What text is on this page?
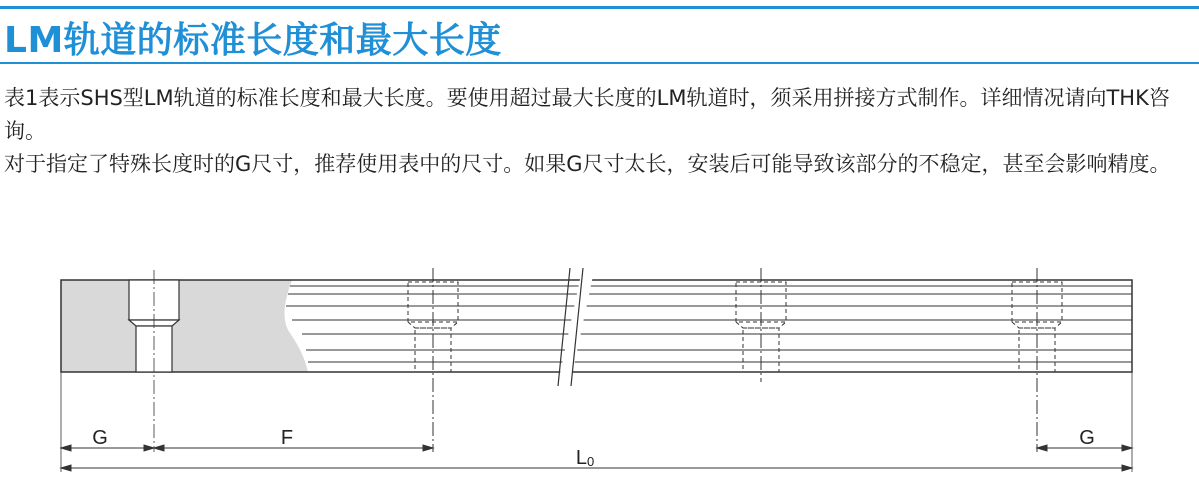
LM轨道的标准长度和最大长度

表1表示SHS型LM轨道的标准长度和最大长度。要使用超过最大长度的LM轨道时，须采用拼接方式制作。详细情况请向THK咨询。

对于指定了特殊长度时的G尺寸，推荐使用表中的尺寸。如果G尺寸太长，安装后可能导致该部分的不稳定，甚至会影响精度。

G	F
L0
G
